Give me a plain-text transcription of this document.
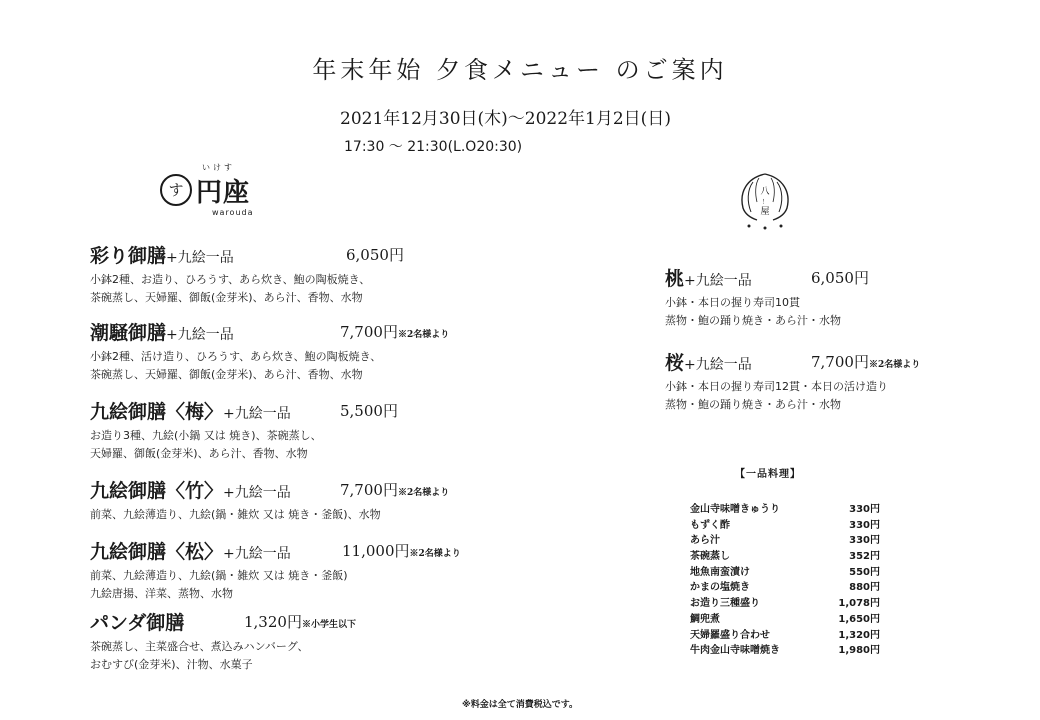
年末年始 夕食メニュー のご案内
2021年12月30日(木)〜2022年1月2日(日)
17:30 〜 21:30(L.O20:30)
いけす
す 円座
warouda
八
！
屋
彩り御膳+九絵一品	6,050円
小鉢2種、お造り、ひろうす、あら炊き、鮑の陶板焼き、
茶碗蒸し、天婦羅、御飯(金芽米)、あら汁、香物、水物
潮騒御膳+九絵一品	7,700円※2名様より
小鉢2種、活け造り、ひろうす、あら炊き、鮑の陶板焼き、
茶碗蒸し、天婦羅、御飯(金芽米)、あら汁、香物、水物
九絵御膳〈梅〉+九絵一品	5,500円
お造り3種、九絵(小鍋 又は 焼き)、茶碗蒸し、
天婦羅、御飯(金芽米)、あら汁、香物、水物
九絵御膳〈竹〉+九絵一品	7,700円※2名様より
前菜、九絵薄造り、九絵(鍋・雑炊 又は 焼き・釜飯)、水物
九絵御膳〈松〉+九絵一品	11,000円※2名様より
前菜、九絵薄造り、九絵(鍋・雑炊 又は 焼き・釜飯)
九絵唐揚、洋菜、蒸物、水物
パンダ御膳	1,320円※小学生以下
茶碗蒸し、主菜盛合せ、煮込みハンバーグ、
おむすび(金芽米)、汁物、水菓子
桃+九絵一品	6,050円
小鉢・本日の握り寿司10貫
蒸物・鮑の踊り焼き・あら汁・水物
桜+九絵一品	7,700円※2名様より
小鉢・本日の握り寿司12貫・本日の活け造り
蒸物・鮑の踊り焼き・あら汁・水物
【一品料理】
金山寺味噌きゅうり	330円
もずく酢	330円
あら汁	330円
茶碗蒸し	352円
地魚南蛮漬け	550円
かまの塩焼き	880円
お造り三種盛り	1,078円
鯛兜煮	1,650円
天婦羅盛り合わせ	1,320円
牛肉金山寺味噌焼き	1,980円
※料金は全て消費税込です。
